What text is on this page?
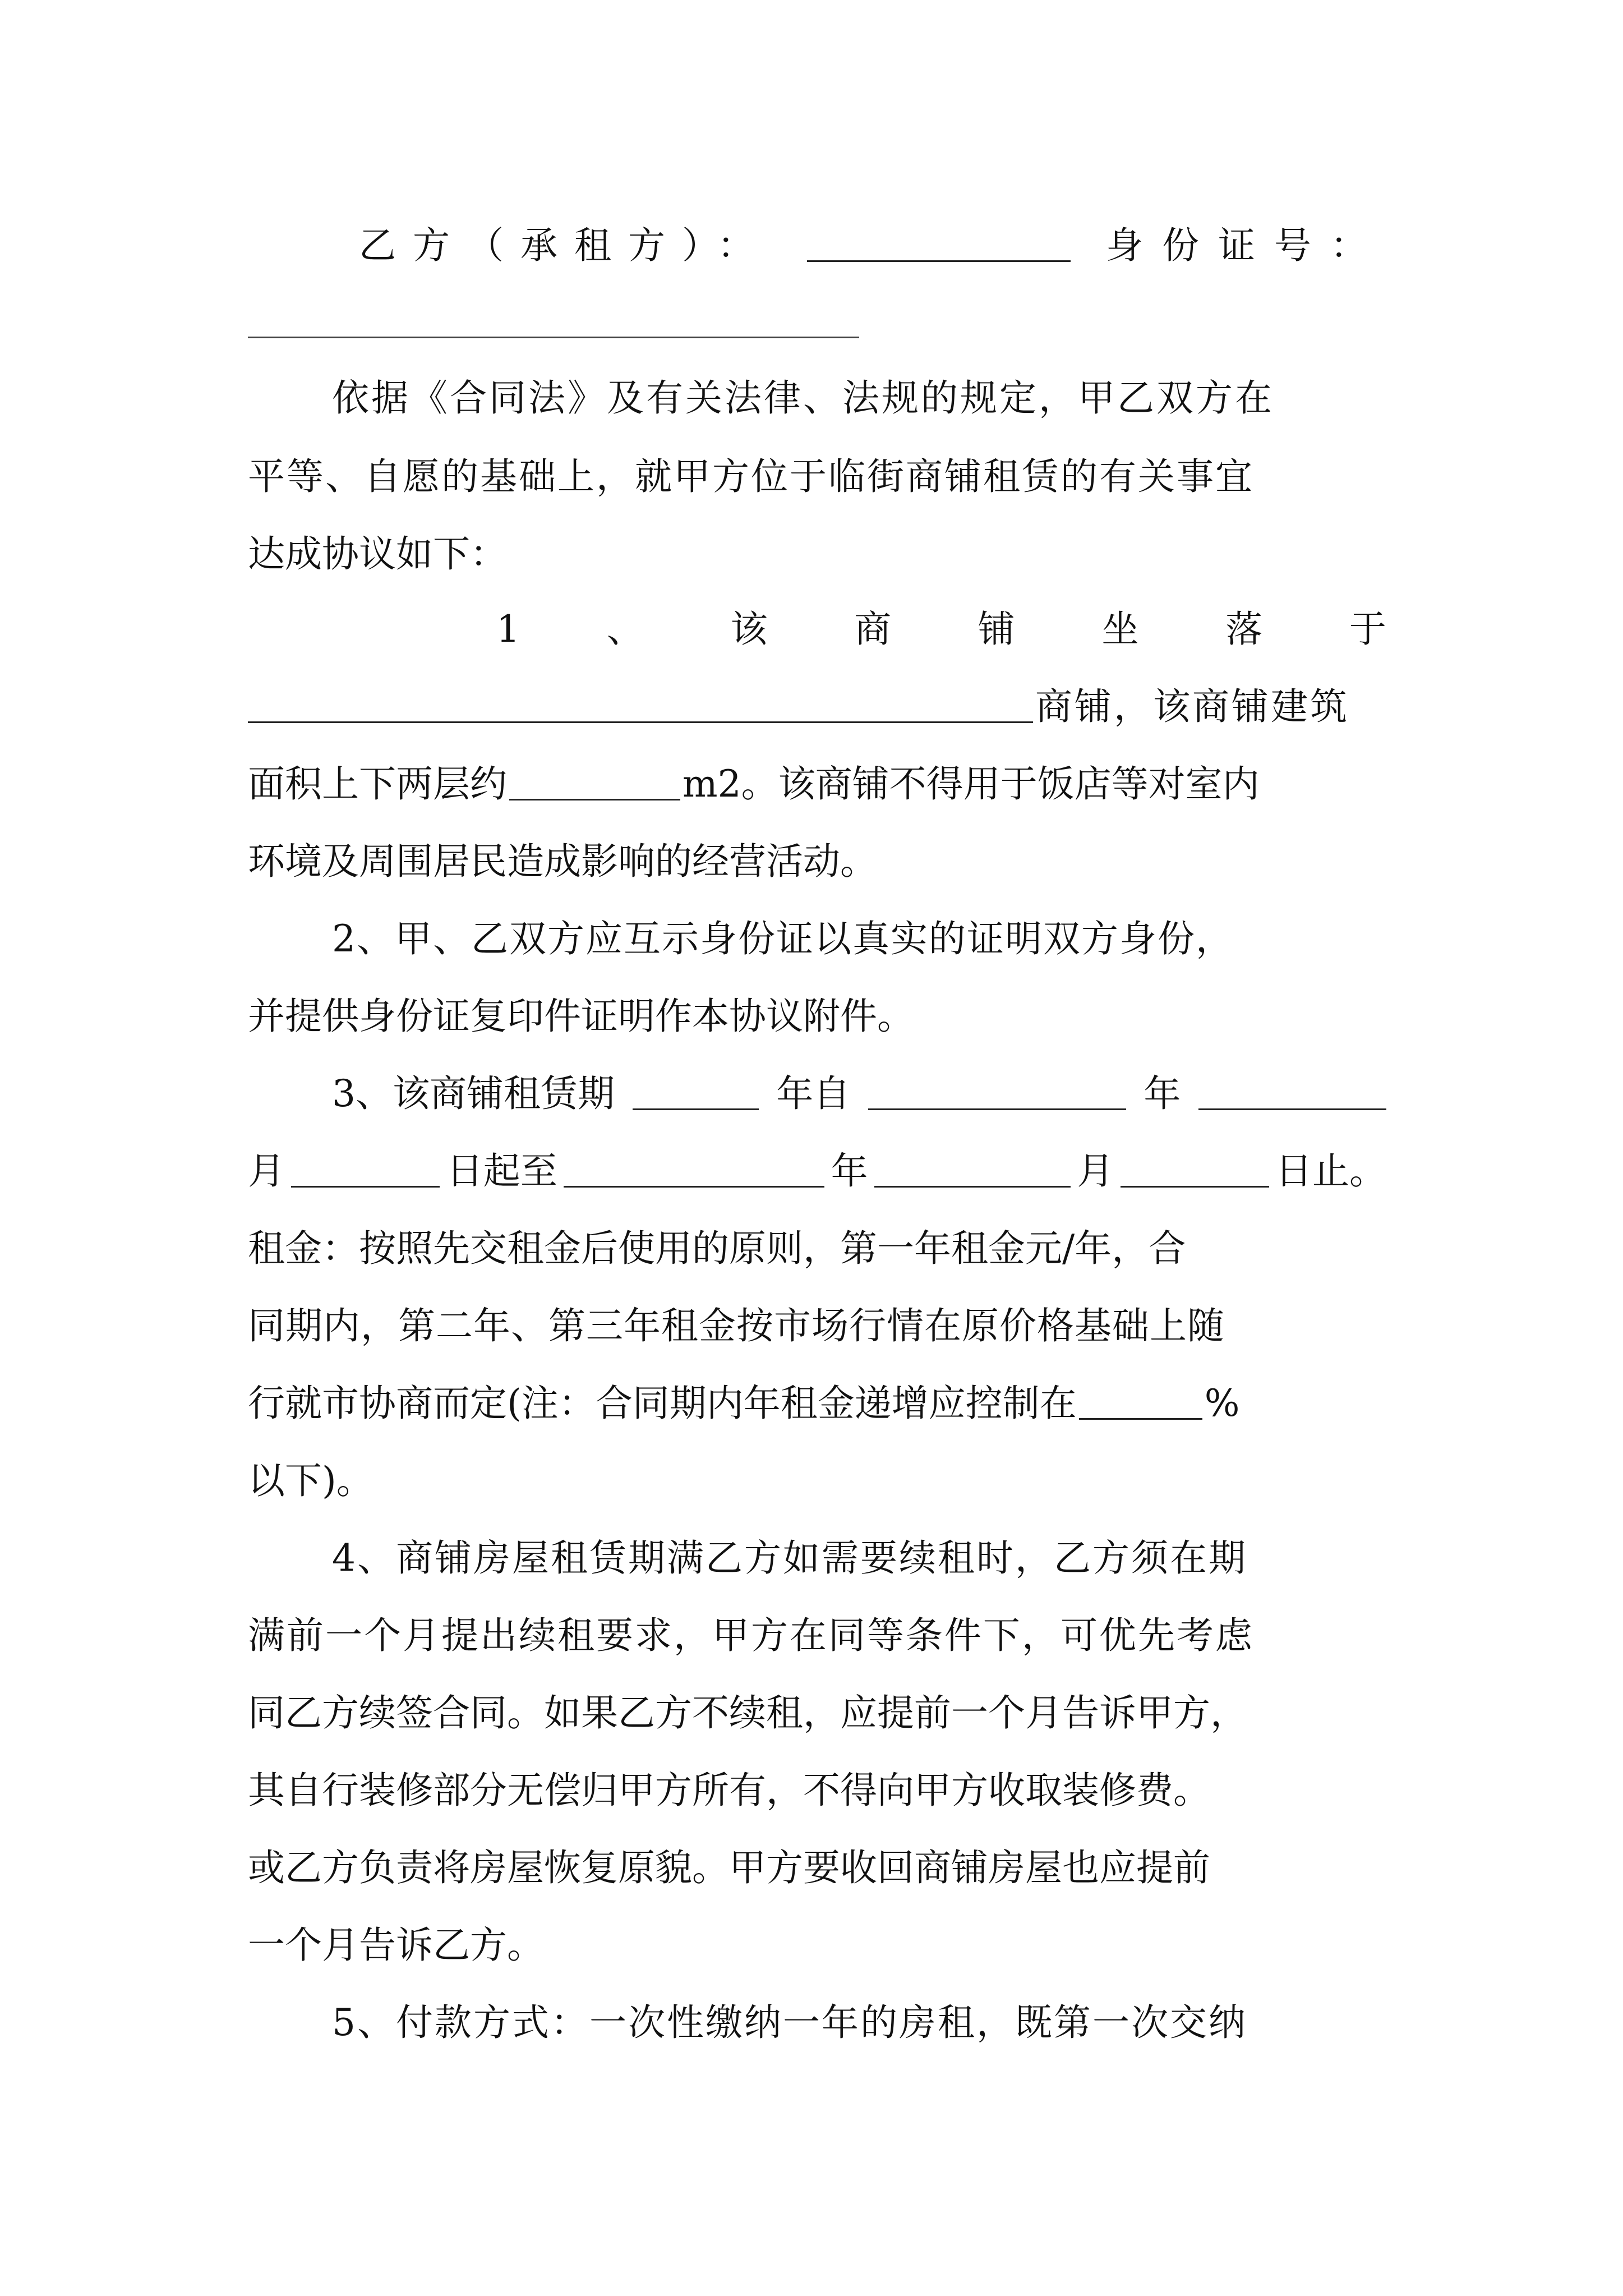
乙方（承租方）：	身份证号：
依据《合同法》及有关法律、法规的规定，甲乙双方在
平等、自愿的基础上，就甲方位于临街商铺租赁的有关事宜
达成协议如下：
1 、 该 商 铺 坐 落 于
商铺，该商铺建筑
面积上下两层约	m2。该商铺不得用于饭店等对室内
环境及周围居民造成影响的经营活动。
2、甲、乙双方应互示身份证以真实的证明双方身份，
并提供身份证复印件证明作本协议附件。
3、该商铺租赁期	年自	年
月	日起至	年	月	日止。
租金：按照先交租金后使用的原则，第一年租金元/年，合
同期内，第二年、第三年租金按市场行情在原价格基础上随
行就市协商而定(注：合同期内年租金递增应控制在	%
以下)。
4、商铺房屋租赁期满乙方如需要续租时，乙方须在期
满前一个月提出续租要求，甲方在同等条件下，可优先考虑
同乙方续签合同。如果乙方不续租，应提前一个月告诉甲方，
其自行装修部分无偿归甲方所有，不得向甲方收取装修费。
或乙方负责将房屋恢复原貌。甲方要收回商铺房屋也应提前
一个月告诉乙方。
5、付款方式：一次性缴纳一年的房租，既第一次交纳
